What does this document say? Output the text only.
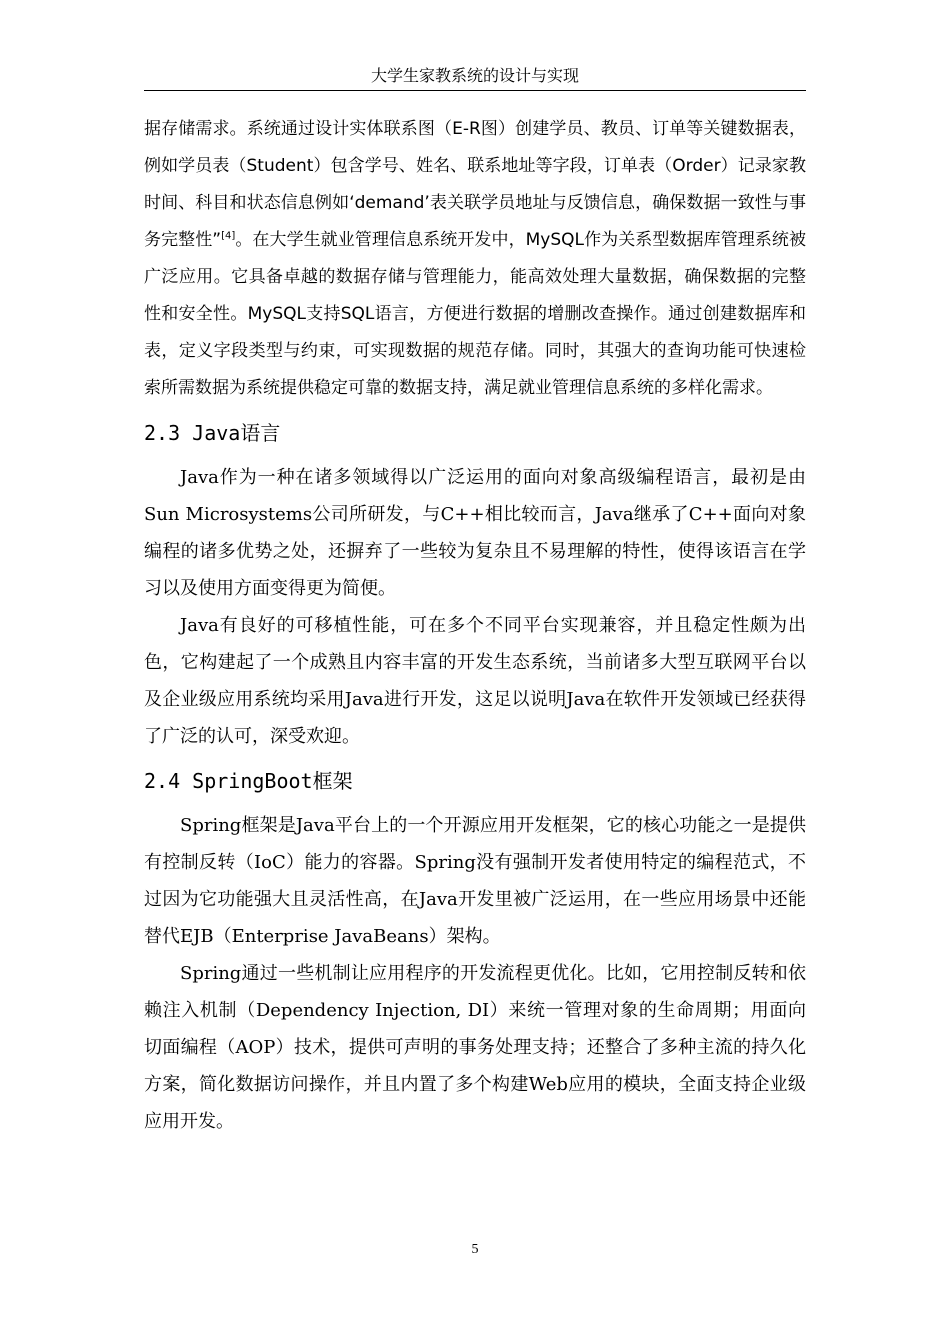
大学生家教系统的设计与实现

据存储需求。系统通过设计实体联系图（E-R图）创建学员、教员、订单等关键数据表，例如学员表（Student）包含学号、姓名、联系地址等字段，订单表（Order）记录家教时间、科目和状态信息例如‘demand’表关联学员地址与反馈信息，确保数据一致性与事务完整性”[4]。在大学生就业管理信息系统开发中，MySQL作为关系型数据库管理系统被广泛应用。它具备卓越的数据存储与管理能力，能高效处理大量数据，确保数据的完整性和安全性。MySQL支持SQL语言，方便进行数据的增删改查操作。通过创建数据库和表，定义字段类型与约束，可实现数据的规范存储。同时，其强大的查询功能可快速检索所需数据为系统提供稳定可靠的数据支持，满足就业管理信息系统的多样化需求。

2.3 Java语言

Java作为一种在诸多领域得以广泛运用的面向对象高级编程语言，最初是由Sun Microsystems公司所研发，与C++相比较而言，Java继承了C++面向对象编程的诸多优势之处，还摒弃了一些较为复杂且不易理解的特性，使得该语言在学习以及使用方面变得更为简便。

Java有良好的可移植性能，可在多个不同平台实现兼容，并且稳定性颇为出色，它构建起了一个成熟且内容丰富的开发生态系统，当前诸多大型互联网平台以及企业级应用系统均采用Java进行开发，这足以说明Java在软件开发领域已经获得了广泛的认可，深受欢迎。

2.4 SpringBoot框架

Spring框架是Java平台上的一个开源应用开发框架，它的核心功能之一是提供有控制反转（IoC）能力的容器。Spring没有强制开发者使用特定的编程范式，不过因为它功能强大且灵活性高，在Java开发里被广泛运用，在一些应用场景中还能替代EJB（Enterprise JavaBeans）架构。

Spring通过一些机制让应用程序的开发流程更优化。比如，它用控制反转和依赖注入机制（Dependency Injection, DI）来统一管理对象的生命周期；用面向切面编程（AOP）技术，提供可声明的事务处理支持；还整合了多种主流的持久化方案，简化数据访问操作，并且内置了多个构建Web应用的模块，全面支持企业级应用开发。

5
